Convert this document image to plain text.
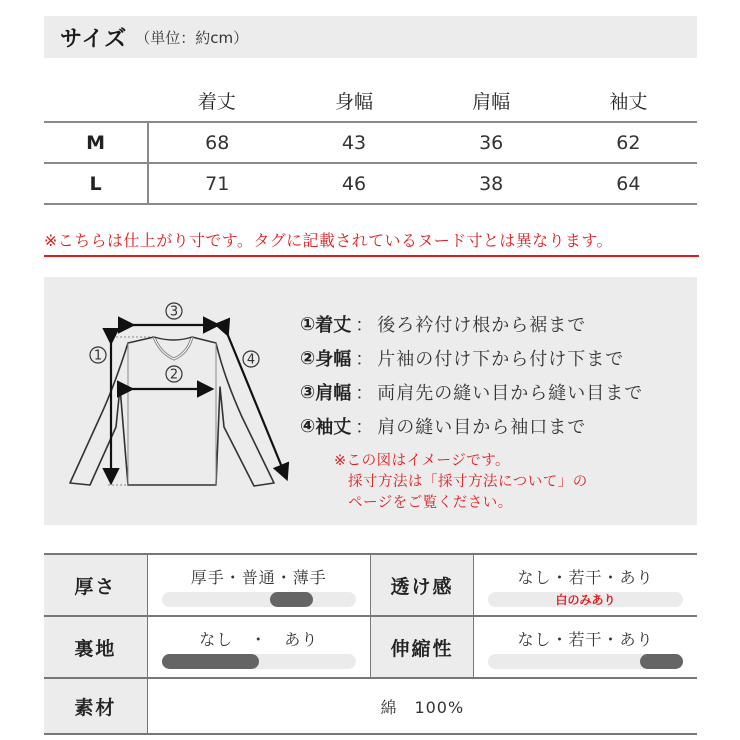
サイズ （単位：約cm）
	着丈	身幅	肩幅	袖丈
M	68	43	36	62
L	71	46	38	64
※こちらは仕上がり寸です。タグに記載されているヌード寸とは異なります。
3
2
1	4
① 着丈 ： 後ろ衿付け根から裾まで
② 身幅 ： 片袖の付け下から付け下まで
③ 肩幅 ： 両肩先の縫い目から縫い目まで
④ 袖丈 ： 肩の縫い目から袖口まで
※この図はイメージです。
採寸方法は「採寸方法について」の
ページをご覧ください。
厚さ	厚手・普通・薄手	透け感	なし・若干・あり
白のみあり

裏地	なし　・　あり	伸縮性	なし・若干・あり

素材	綿　100%		
